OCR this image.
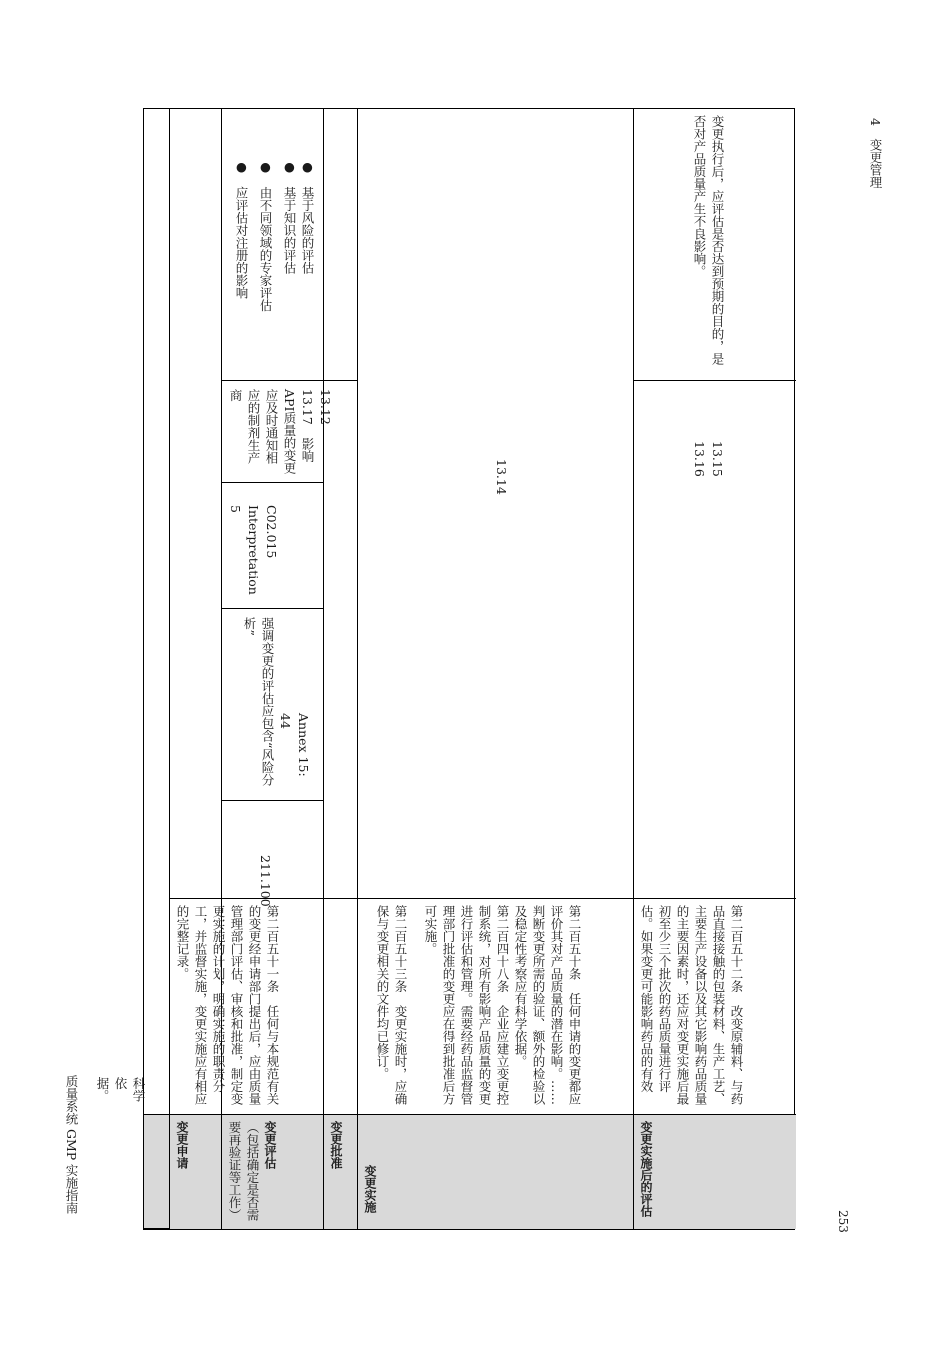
质量系统 GMP 实施指南
4　变更管理
253
科学依据。	第二百五十一条　任何与本规范有关的变更经申请部门提出后，应由质量管理部门评估、审核和批准，制定变更实施的计划，明确实施的职责分工，并监督实施，变更实施应有相应的完整记录。
变更申请
●　基于风险的评估
●　基于知识的评估
●　由不同领域的专家评估
●　应评估对注册的影响
13.12
13.17　影响API质量的变更应及时通知相应的制剂生产商
C02.015
Interpretation 5
Annex 15: 44
强调变更的评估应包含“风险分析”
211.100
变更评估
（包括确定是否需要再验证等工作）	变更批准
13.14
第二百五十条　任何申请的变更都应评价其对产品质量的潜在影响。……判断变更所需的验证、额外的检验以及稳定性考察应有科学依据。
第二百四十八条　企业应建立变更控制系统，对所有影响产品质量的变更进行评估和管理。需要经药品监督管理部门批准的变更应在得到批准后方可实施。
第二百五十三条　变更实施时，应确保与变更相关的文件均已修订。
变更实施
变更执行后，应评估是否达到预期的目的，是否对产品质量产生不良影响。
13.15
13.16
第二百五十二条　改变原辅料、与药品直接接触的包装材料、生产工艺、主要生产设备以及其它影响药品质量的主要因素时，还应对变更实施后最初至少三个批次的药品质量进行评估。如果变更可能影响药品的有效
变更实施后的评估
